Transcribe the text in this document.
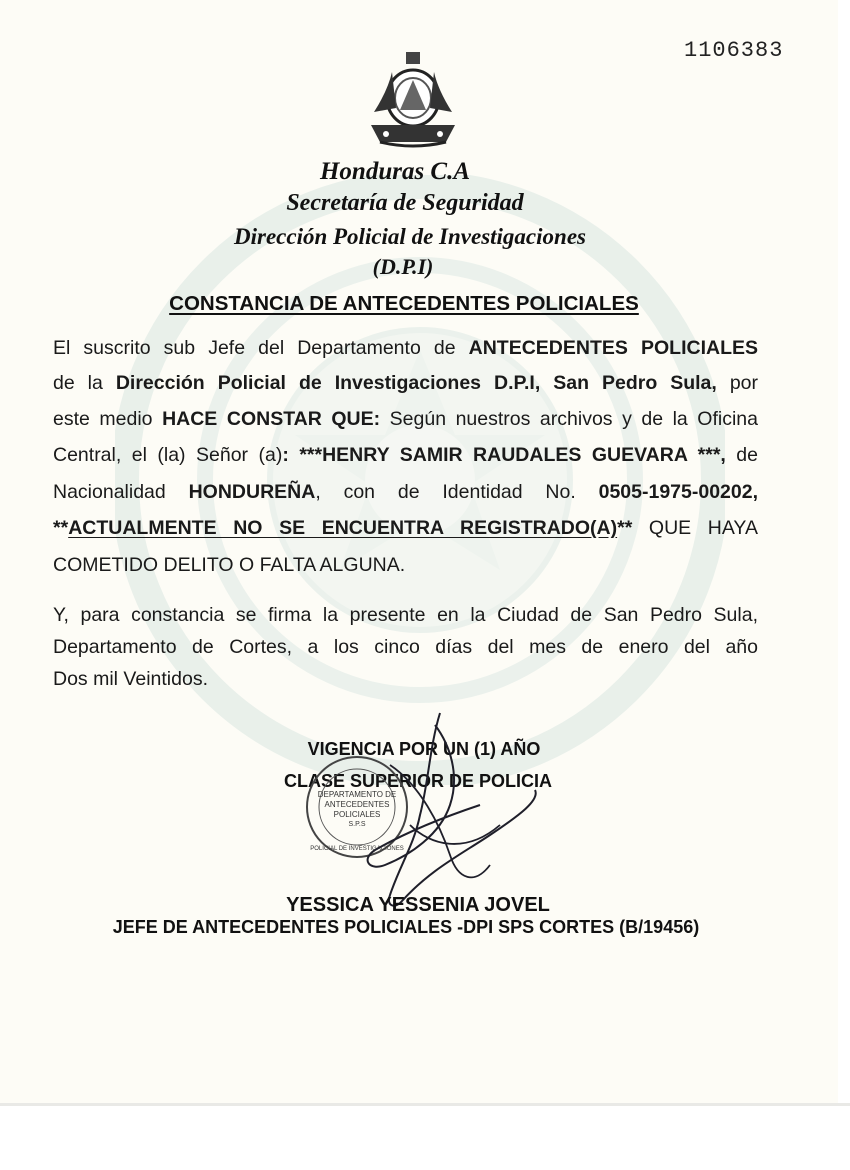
1106383
Honduras C.A
Secretaría de Seguridad
Dirección Policial de Investigaciones
(D.P.I)
CONSTANCIA DE ANTECEDENTES POLICIALES
El suscrito sub Jefe del Departamento de ANTECEDENTES POLICIALES
de la Dirección Policial de Investigaciones D.P.I, San Pedro Sula, por
este medio HACE CONSTAR QUE: Según nuestros archivos y de la Oficina
Central, el (la) Señor (a): ***HENRY SAMIR RAUDALES GUEVARA ***, de
Nacionalidad HONDUREÑA, con de Identidad No. 0505-1975-00202,
**ACTUALMENTE NO SE ENCUENTRA REGISTRADO(A)** QUE HAYA
COMETIDO DELITO O FALTA ALGUNA.
Y, para constancia se firma la presente en la Ciudad de San Pedro Sula,
Departamento de Cortes, a los cinco días del mes de enero del año
Dos mil Veintidos.
VIGENCIA POR UN (1) AÑO
CLASE SUPERIOR DE POLICIA
DEPARTAMENTO DE
ANTECEDENTES
POLICIALES
S.P.S
POLICIAL DE INVESTIGACIONES
YESSICA YESSENIA JOVEL
JEFE DE ANTECEDENTES POLICIALES -DPI SPS CORTES (B/19456)
